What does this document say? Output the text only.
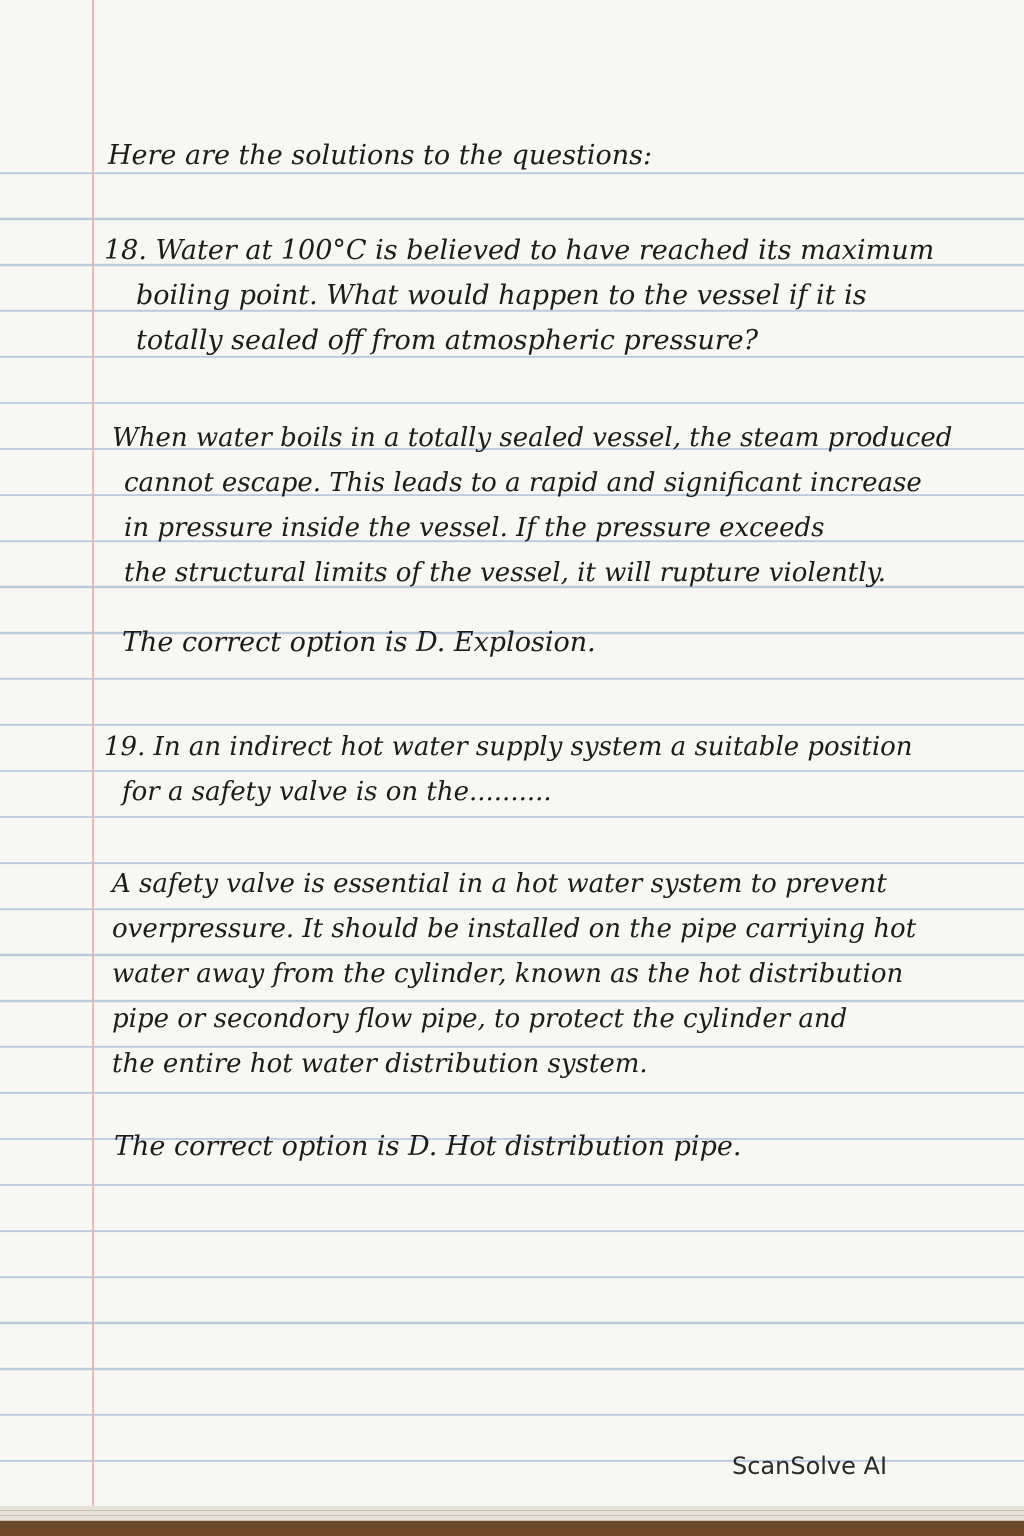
Here are the solutions to the questions:

18. Water at 100°C is believed to have reached its maximum
boiling point. What would happen to the vessel if it is
totally sealed off from atmospheric pressure?
When water boils in a totally sealed vessel, the steam produced
cannot escape. This leads to a rapid and significant increase
in pressure inside the vessel. If the pressure exceeds
the structural limits of the vessel, it will rupture violently.

The correct option is D. Explosion.

19. In an indirect hot water supply system a suitable position
for a safety valve is on the..........
A safety valve is essential in a hot water system to prevent
overpressure. It should be installed on the pipe carriying hot
water away from the cylinder, known as the hot distribution
pipe or secondory flow pipe, to protect the cylinder and
the entire hot water distribution system.

The correct option is D. Hot distribution pipe.

ScanSolve AI
